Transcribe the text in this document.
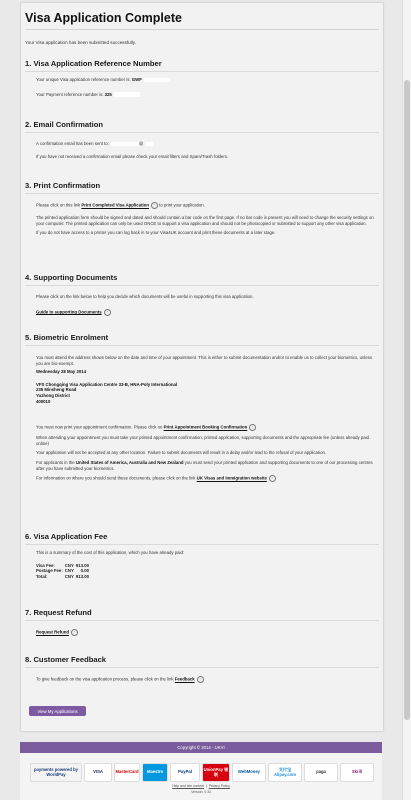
Visa Application Complete
Your Visa application has been submitted successfully.
1. Visa Application Reference Number

Your unique Visa application reference number is: GWF

Your Payment reference number is: 325

2. Email Confirmation

A confirmation email has been sent to:	@

If you have not received a confirmation email please check your email filters and Spam/Trash folders.

3. Print Confirmation

Please click on this link Print Completed Visa Application › to print your application.

The printed application form should be signed and dated and should contain a bar code on the first page. If no bar code is present you will need to change the security settings on your computer. The printed application can only be used ONCE to support a visa application and should not be photocopied or submitted to support any other visa application.

If you do not have access to a printer you can log back in to your Visa4UK account and print these documents at a later stage.

4. Supporting Documents

Please click on the link below to help you decide which documents will be useful in supporting this visa application.

Guide to supporting Documents ›

5. Biometric Enrolment

You must attend the address shown below on the date and time of your appointment. This is either to submit documentation and/or to enable us to collect your biometrics, unless you are bio-exempt.

Wednesday 28 May 2014

VFS Chongqing Visa Application Centre 33-B, HNA-Poly International

235 Minsheng Road

Yuzhong District

400010

You must now print your appointment confirmation. Please click on Print Appointment Booking Confirmation ›

When attending your appointment you must take your printed appointment confirmation, printed application, supporting documents and the appropriate fee (unless already paid online)

Your application will not be accepted at any other location. Failure to submit documents will result in a delay and/or lead to the refusal of your application.

For applicants in the United States of America, Australia and New Zealand you must send your printed application and supporting documents to one of our processing centres after you have submitted your biometrics.

For information on where you should send these documents, please click on the link UK Visas and Immigration website ›

6. Visa Application Fee

This is a summary of the cost of this application, which you have already paid:

Visa Fee:	CNY	913.00
Postage Fee:	CNY	0.00
Total:	CNY	913.00
7. Request Refund

Request Refund ›

8. Customer Feedback

To give feedback on the visa application process, please click on the link Feedback ›

View My Applications
Copyright © 2014 - UKVI
payments powered by WorldPay	VISA	MasterCard	Maestro	PayPal	UnionPay 银联	WebMoney	支付宝 Alipay.com	paga	Skrill
Help and site content  |  Privacy Policy
Version: 0.34
